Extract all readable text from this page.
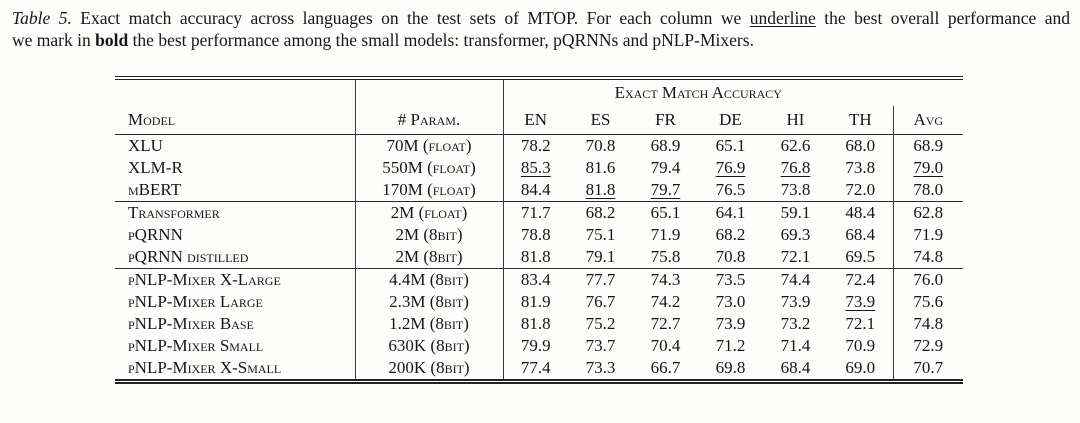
Table 5. Exact match accuracy across languages on the test sets of MTOP. For each column we underline the best overall performance and
we mark in bold the best performance among the small models: transformer, pQRNNs and pNLP-Mixers.
		Exact Match Accuracy						
Model	# Param.	EN	ES	FR	DE	HI	TH	Avg
XLU	70M (float)	78.2	70.8	68.9	65.1	62.6	68.0	68.9
XLM-R	550M (float)	85.3	81.6	79.4	76.9	76.8	73.8	79.0
mBERT	170M (float)	84.4	81.8	79.7	76.5	73.8	72.0	78.0
Transformer	2M (float)	71.7	68.2	65.1	64.1	59.1	48.4	62.8
pQRNN	2M (8bit)	78.8	75.1	71.9	68.2	69.3	68.4	71.9
pQRNN distilled	2M (8bit)	81.8	79.1	75.8	70.8	72.1	69.5	74.8
pNLP-Mixer X-Large	4.4M (8bit)	83.4	77.7	74.3	73.5	74.4	72.4	76.0
pNLP-Mixer Large	2.3M (8bit)	81.9	76.7	74.2	73.0	73.9	73.9	75.6
pNLP-Mixer Base	1.2M (8bit)	81.8	75.2	72.7	73.9	73.2	72.1	74.8
pNLP-Mixer Small	630K (8bit)	79.9	73.7	70.4	71.2	71.4	70.9	72.9
pNLP-Mixer X-Small	200K (8bit)	77.4	73.3	66.7	69.8	68.4	69.0	70.7
